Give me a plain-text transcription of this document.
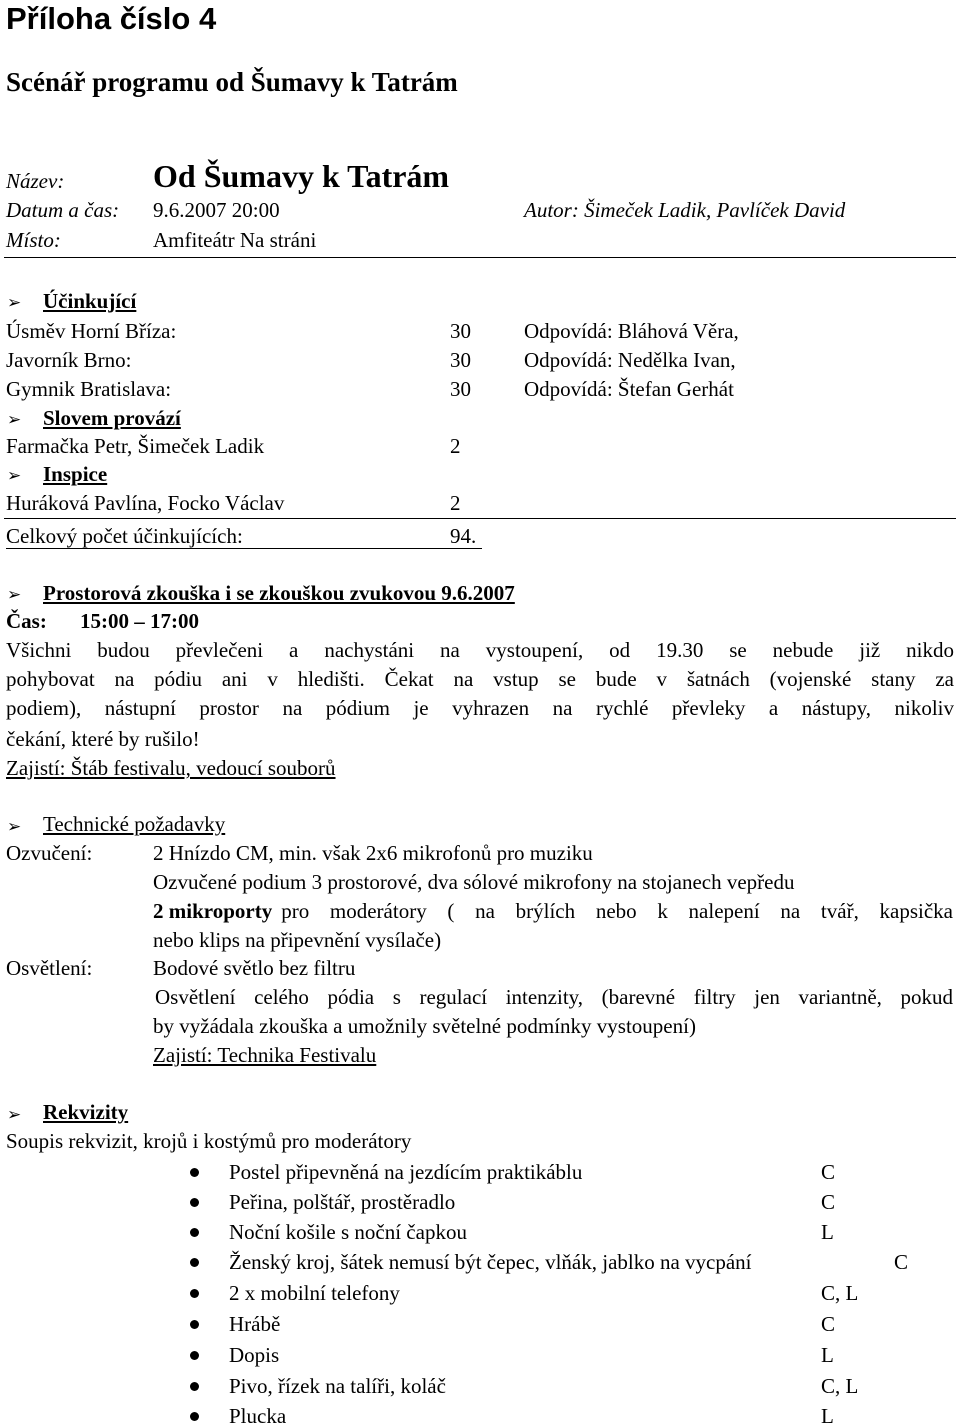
Příloha číslo 4
Scénář programu od Šumavy k Tatrám
Název:	Od Šumavy k Tatrám
Datum a čas: 9.6.2007 20:00	Autor: Šimeček Ladik, Pavlíček David
Místo:	Amfiteátr Na stráni
➢ Účinkující
Úsměv Horní Bříza:	30	Odpovídá: Bláhová Věra,
Javorník Brno:	30	Odpovídá: Nedělka Ivan,
Gymnik Bratislava:	30	Odpovídá: Štefan Gerhát
➢ Slovem provází
Farmačka Petr, Šimeček Ladik	2
➢ Inspice
Huráková Pavlína, Focko Václav	2
Celkový počet účinkujících:	94.
➢ Prostorová zkouška i se zkouškou zvukovou 9.6.2007
Čas: 15:00 – 17:00
Všichni budou převlečeni a nachystáni na vystoupení, od 19.30 se nebude již nikdo
pohybovat na pódiu ani v hledišti. Čekat na vstup se bude v šatnách (vojenské stany za
podiem), nástupní prostor na pódium je vyhrazen na rychlé převleky a nástupy, nikoliv
čekání, které by rušilo!
Zajistí: Štáb festivalu, vedoucí souborů
➢ Technické požadavky
Ozvučení:	2 Hnízdo CM, min. však 2x6 mikrofonů pro muziku
Ozvučené podium 3 prostorové, dva sólové mikrofony na stojanech vepředu
2 mikroporty pro moderátory ( na brýlích nebo k nalepení na tvář, kapsička
nebo klips na připevnění vysílače)
Osvětlení:	Bodové světlo bez filtru
Osvětlení celého pódia s regulací intenzity, (barevné filtry jen variantně, pokud
by vyžádala zkouška a umožnily světelné podmínky vystoupení)
Zajistí: Technika Festivalu
➢ Rekvizity
Soupis rekvizit, krojů i kostýmů pro moderátory
Postel připevněná na jezdícím praktikáblu	C
Peřina, polštář, prostěradlo	C
Noční košile s noční čapkou	L
Ženský kroj, šátek nemusí být čepec, vlňák, jablko na vycpání	C
2 x mobilní telefony	C, L
Hrábě	C
Dopis	L
Pivo, řízek na talíři, koláč	C, L
Plucka	L
